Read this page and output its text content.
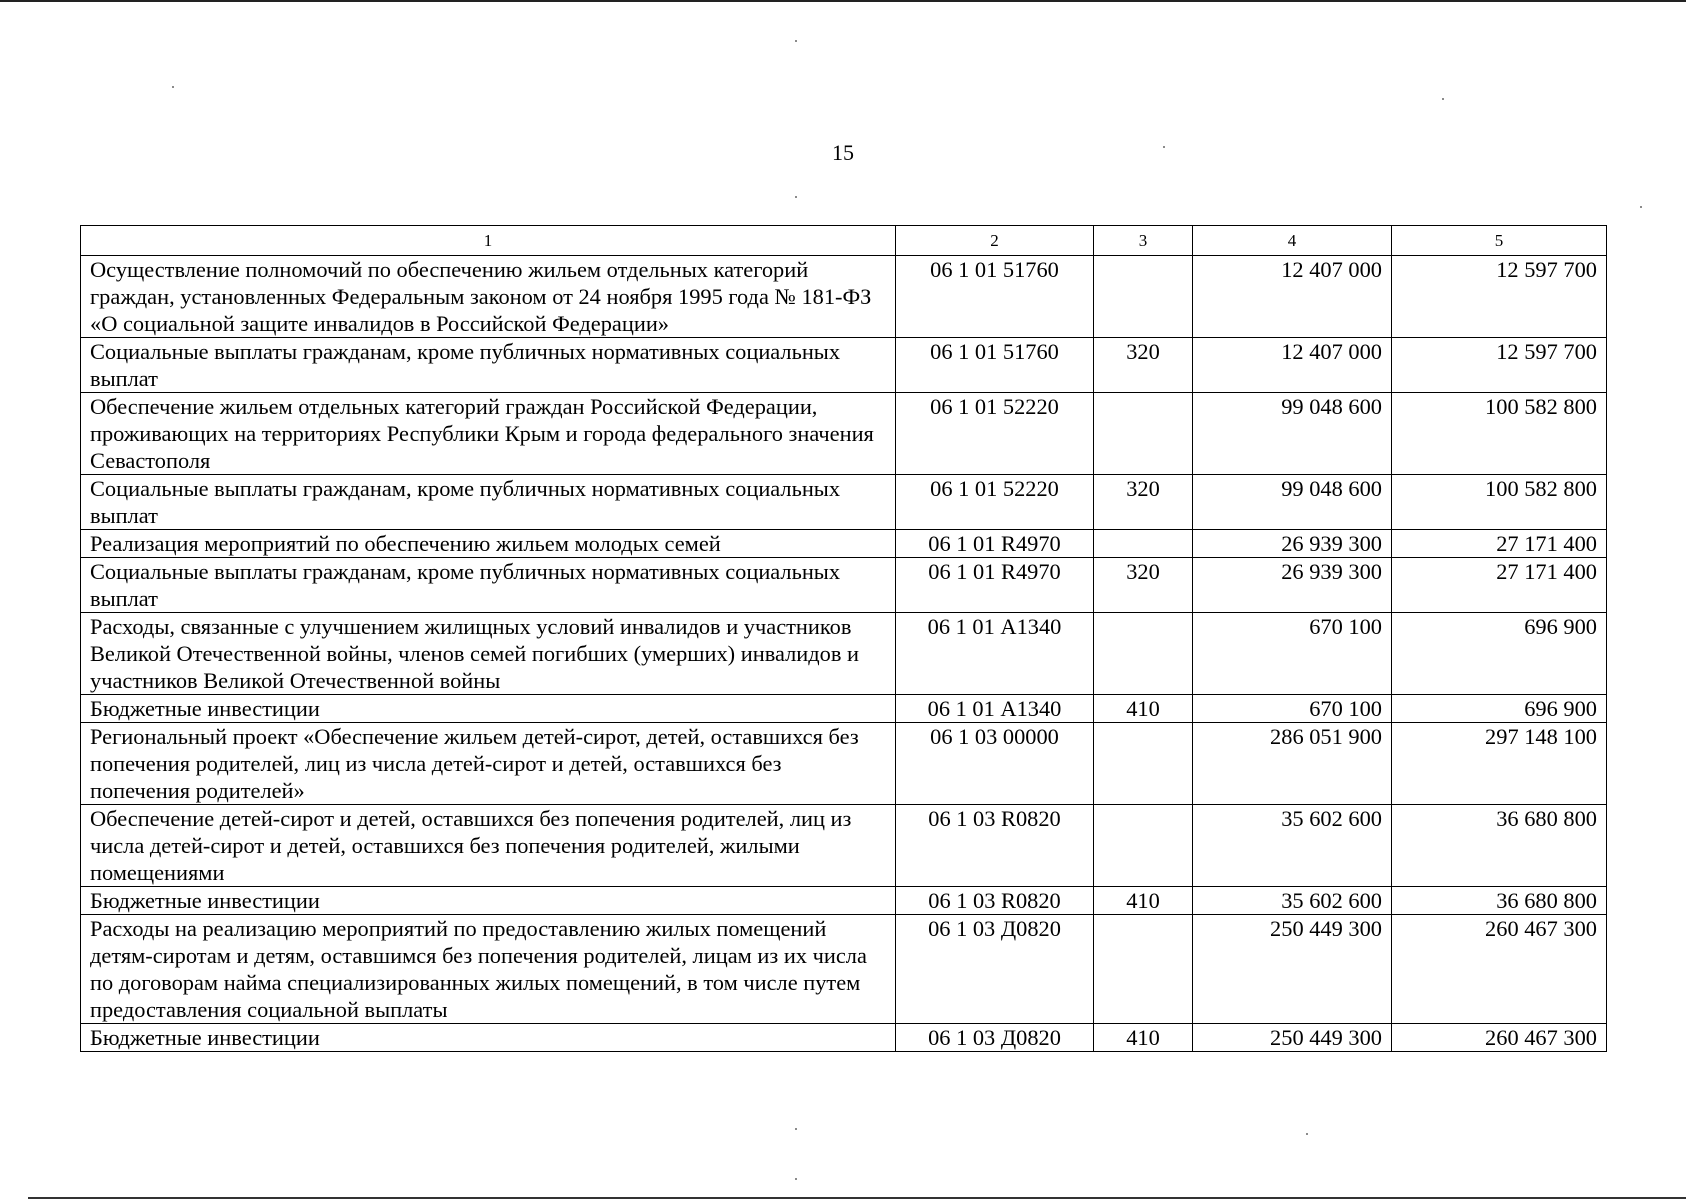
15
1	2	3	4	5
Осуществление полномочий по обеспечению жильем отдельных категорий граждан, установленных Федеральным законом от 24 ноября 1995 года № 181-ФЗ «О социальной защите инвалидов в Российской Федерации»	06 1 01 51760		12 407 000	12 597 700
Социальные выплаты гражданам, кроме публичных нормативных социальных выплат	06 1 01 51760	320	12 407 000	12 597 700
Обеспечение жильем отдельных категорий граждан Российской Федерации, проживающих на территориях Республики Крым и города федерального значения Севастополя	06 1 01 52220		99 048 600	100 582 800
Социальные выплаты гражданам, кроме публичных нормативных социальных выплат	06 1 01 52220	320	99 048 600	100 582 800
Реализация мероприятий по обеспечению жильем молодых семей	06 1 01 R4970		26 939 300	27 171 400
Социальные выплаты гражданам, кроме публичных нормативных социальных выплат	06 1 01 R4970	320	26 939 300	27 171 400
Расходы, связанные с улучшением жилищных условий инвалидов и участников Великой Отечественной войны, членов семей погибших (умерших) инвалидов и участников Великой Отечественной войны	06 1 01 А1340		670 100	696 900
Бюджетные инвестиции	06 1 01 А1340	410	670 100	696 900
Региональный проект «Обеспечение жильем детей-сирот, детей, оставшихся без попечения родителей, лиц из числа детей-сирот и детей, оставшихся без попечения родителей»	06 1 03 00000		286 051 900	297 148 100
Обеспечение детей-сирот и детей, оставшихся без попечения родителей, лиц из числа детей-сирот и детей, оставшихся без попечения родителей, жилыми помещениями	06 1 03 R0820		35 602 600	36 680 800
Бюджетные инвестиции	06 1 03 R0820	410	35 602 600	36 680 800
Расходы на реализацию мероприятий по предоставлению жилых помещений детям-сиротам и детям, оставшимся без попечения родителей, лицам из их числа по договорам найма специализированных жилых помещений, в том числе путем предоставления социальной выплаты	06 1 03 Д0820		250 449 300	260 467 300
Бюджетные инвестиции	06 1 03 Д0820	410	250 449 300	260 467 300
